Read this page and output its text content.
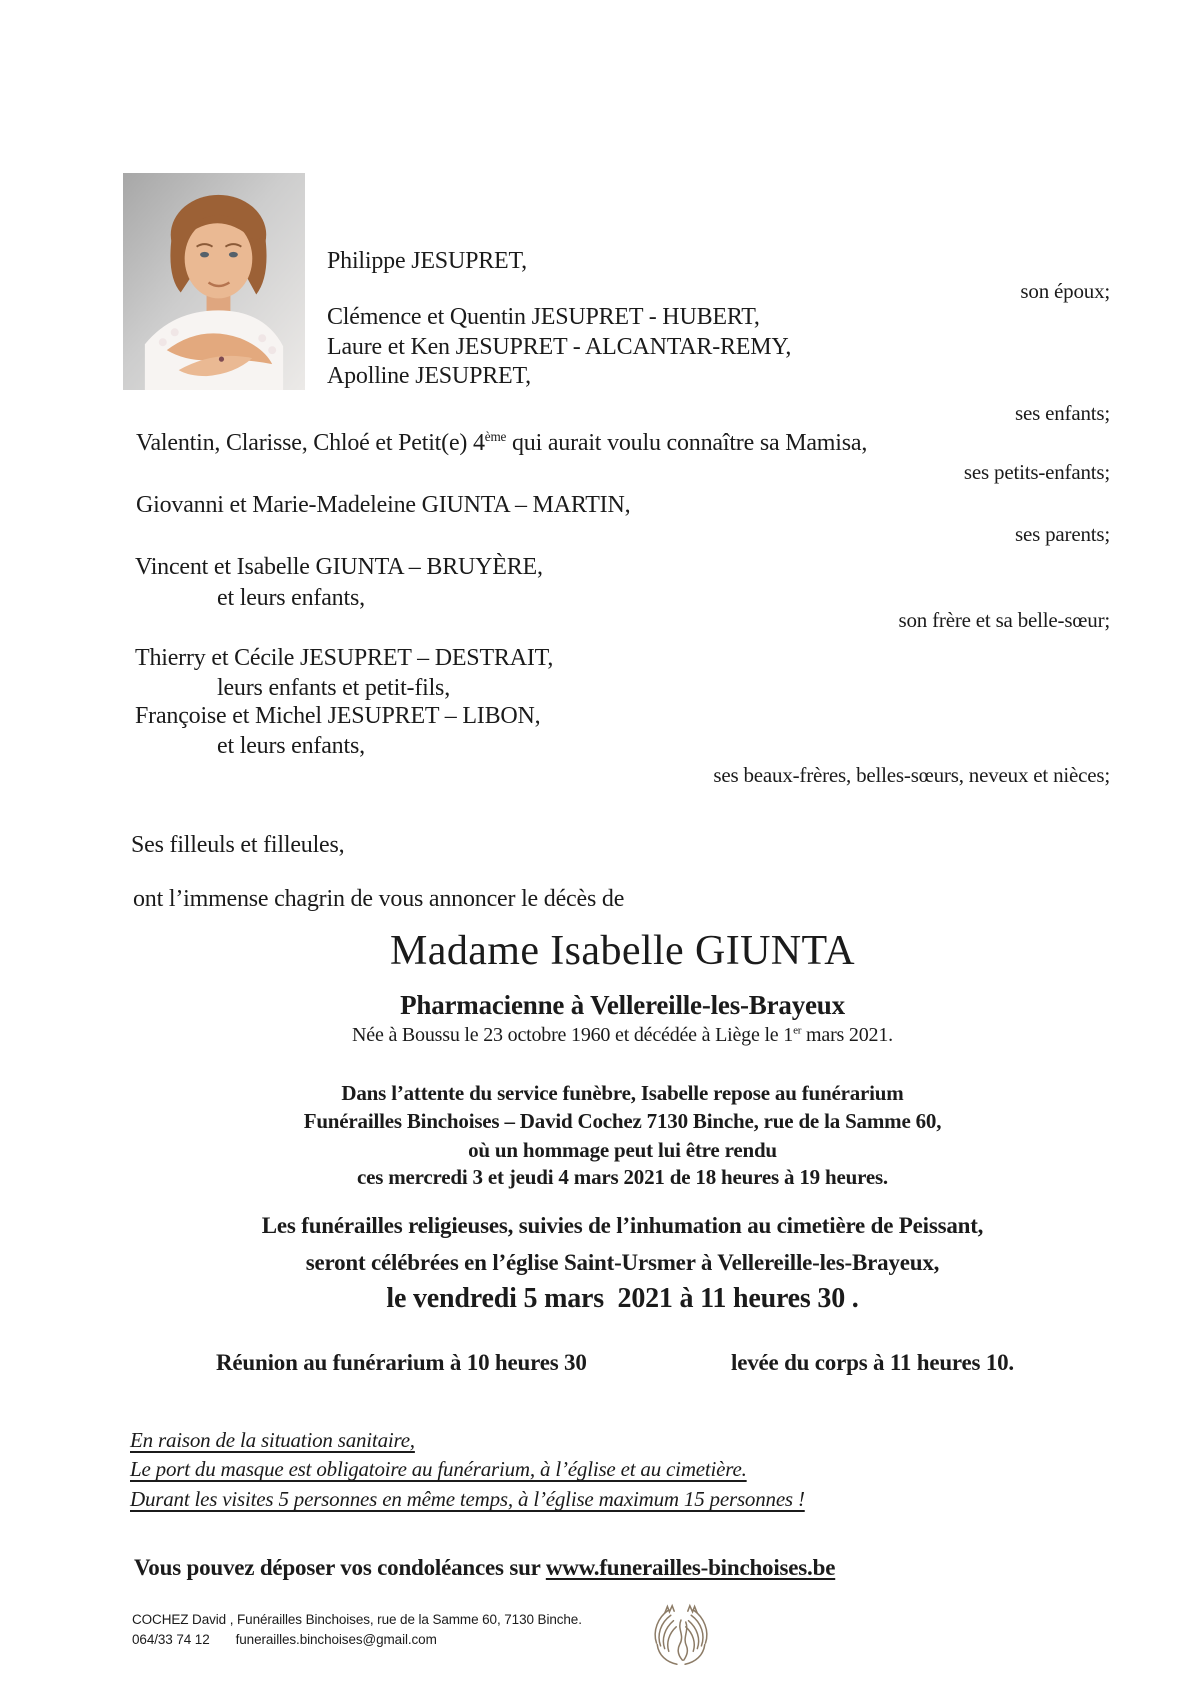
Philippe JESUPRET,
son époux;
Clémence et Quentin JESUPRET - HUBERT,
Laure et Ken JESUPRET - ALCANTAR-REMY,
Apolline JESUPRET,
ses enfants;
Valentin, Clarisse, Chloé et Petit(e) 4ème qui aurait voulu connaître sa Mamisa,
ses petits-enfants;
Giovanni et Marie-Madeleine GIUNTA – MARTIN,
ses parents;
Vincent et Isabelle GIUNTA – BRUYÈRE,
et leurs enfants,
son frère et sa belle-sœur;
Thierry et Cécile JESUPRET – DESTRAIT,
leurs enfants et petit-fils,
Françoise et Michel JESUPRET – LIBON,
et leurs enfants,
ses beaux-frères, belles-sœurs, neveux et nièces;
Ses filleuls et filleules,
ont l’immense chagrin de vous annoncer le décès de
Madame Isabelle GIUNTA
Pharmacienne à Vellereille-les-Brayeux
Née à Boussu le 23 octobre 1960 et décédée à Liège le 1er mars 2021.
Dans l’attente du service funèbre, Isabelle repose au funérarium
Funérailles Binchoises – David Cochez 7130 Binche, rue de la Samme 60,
où un hommage peut lui être rendu
ces mercredi 3 et jeudi 4 mars 2021 de 18 heures à 19 heures.
Les funérailles religieuses, suivies de l’inhumation au cimetière de Peissant,
seront célébrées en l’église Saint-Ursmer à Vellereille-les-Brayeux,
le vendredi 5 mars  2021 à 11 heures 30 .
Réunion au funérarium à 10 heures 30	levée du corps à 11 heures 10.
En raison de la situation sanitaire,
Le port du masque est obligatoire au funérarium, à l’église et au cimetière.
Durant les visites 5 personnes en même temps, à l’église maximum 15 personnes !
Vous pouvez déposer vos condoléances sur www.funerailles-binchoises.be
COCHEZ David , Funérailles Binchoises, rue de la Samme 60, 7130 Binche.
064/33 74 12 funerailles.binchoises@gmail.com
